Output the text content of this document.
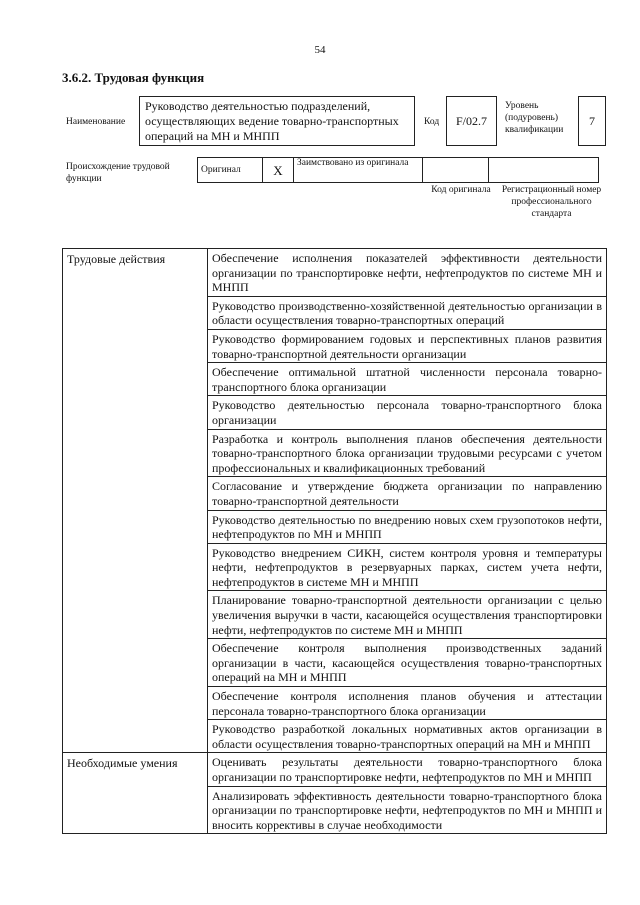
54
3.6.2. Трудовая функция
Наименование
Руководство деятельностью подразделений, осуществляющих ведение товарно-транспортных операций на МН и МНПП
Код	F/02.7
Уровень (подуровень) квалификации
7
Происхождение трудовой функции
Оригинал	X	Заимствовано из оригинала		
Код оригинала	Регистрационный номер профессионального стандарта
Трудовые действия	Обеспечение исполнения показателей эффективности деятельности организации по транспортировке нефти, нефтепродуктов по системе МН и МНПП
	Руководство производственно-хозяйственной деятельностью организации в области осуществления товарно-транспортных операций
	Руководство формированием годовых и перспективных планов развития товарно-транспортной деятельности организации
	Обеспечение оптимальной штатной численности персонала товарно-транспортного блока организации
	Руководство деятельностью персонала товарно-транспортного блока организации
	Разработка и контроль выполнения планов обеспечения деятельности товарно-транспортного блока организации трудовыми ресурсами с учетом профессиональных и квалификационных требований
	Согласование и утверждение бюджета организации по направлению товарно-транспортной деятельности
	Руководство деятельностью по внедрению новых схем грузопотоков нефти, нефтепродуктов по МН и МНПП
	Руководство внедрением СИКН, систем контроля уровня и температуры нефти, нефтепродуктов в резервуарных парках, систем учета нефти, нефтепродуктов в системе МН и МНПП
	Планирование товарно-транспортной деятельности организации с целью увеличения выручки в части, касающейся осуществления транспортировки нефти, нефтепродуктов по системе МН и МНПП
	Обеспечение контроля выполнения производственных заданий организации в части, касающейся осуществления товарно-транспортных операций на МН и МНПП
	Обеспечение контроля исполнения планов обучения и аттестации персонала товарно-транспортного блока организации
	Руководство разработкой локальных нормативных актов организации в области осуществления товарно-транспортных операций на МН и МНПП
Необходимые умения	Оценивать результаты деятельности товарно-транспортного блока организации по транспортировке нефти, нефтепродуктов по МН и МНПП
	Анализировать эффективность деятельности товарно-транспортного блока организации по транспортировке нефти, нефтепродуктов по МН и МНПП и вносить коррективы в случае необходимости
